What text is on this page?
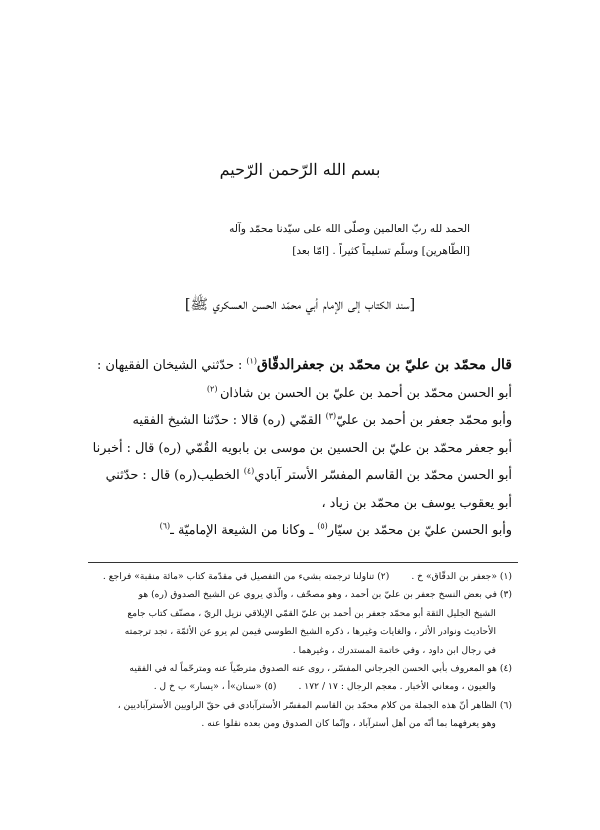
بسم الله الرّحمن الرّحيم
الحمد لله ربّ العالمين وصلّى الله على سيّدنا محمّد وآله
[الطّاهرين] وسلّم تسليماً كثيراً . [امّا بعد]
[سند الكتاب إلى الإمام أبي محمّد الحسن العسكري ﷺ]

قال محمّد بن عليّ بن محمّد بن جعفرالدقّاق$^{(١)}$ : حدّثني الشيخان الفقيهان :

أبو الحسن محمّد بن أحمد بن عليّ بن الحسن بن شاذان $^{(٢)}$

وأبو محمّد جعفر بن أحمد بن عليّ$^{(٣)}$ القمّي (ره) قالا : حدّثنا الشيخ الفقيه

أبو جعفر محمّد بن عليّ بن الحسين بن موسى بن بابويه القُمّي (ره) قال : أخبرنا

أبو الحسن محمّد بن القاسم المفسّر الأستر آبادي$^{(٤)}$ الخطيب(ره) قال : حدّثني

أبو يعقوب يوسف بن محمّد بن زياد ،

وأبو الحسن عليّ بن محمّد بن سيّار$^{(٥)}$ ـ وكانا من الشيعة الإماميّة ـ$^{(٦)}$

(١) «جعفر بن الدقّاق» خ .
(٢) تناولنا ترجمته بشيء من التفصيل في مقدّمة كتاب «مائة منقبة» فراجع .
(٣) في بعض النسخ جعفر بن عليّ بن أحمد ، وهو مصحّف ، والّذي يروي عن الشيخ الصدوق (ره) هو
الشيخ الجليل الثقة أبو محمّد جعفر بن أحمد بن عليّ القمّي الإيلاقي نزيل الريّ ، مصنّف كتاب جامع
الأحاديث ونوادر الأثر ، والغايات وغيرها ، ذكره الشيخ الطوسي فيمن لم يرو عن الأئمّة ، تجد ترجمته
في رجال ابن داود ، وفي خاتمة المستدرك ، وغيرهما .
(٤) هو المعروف بأبي الحسن الجرجاني المفسّر ، روى عنه الصدوق مترضّياً عنه ومترحّماً له في الفقيه
والعيون ، ومعاني الأخبار . معجم الرجال : ١٧ / ١٧٢ .
(٥) «سنان»أ ، «يسار» ب خ ل .
(٦) الظاهر أنّ هذه الجملة من كلام محمّد بن القاسم المفسّر الأسترآبادي في حقّ الراويين الأسترآباديين ،
وهو يعرفهما بما أنّه من أهل أسترآباد ، وإنّما كان الصدوق ومن بعده نقلوا عنه .
